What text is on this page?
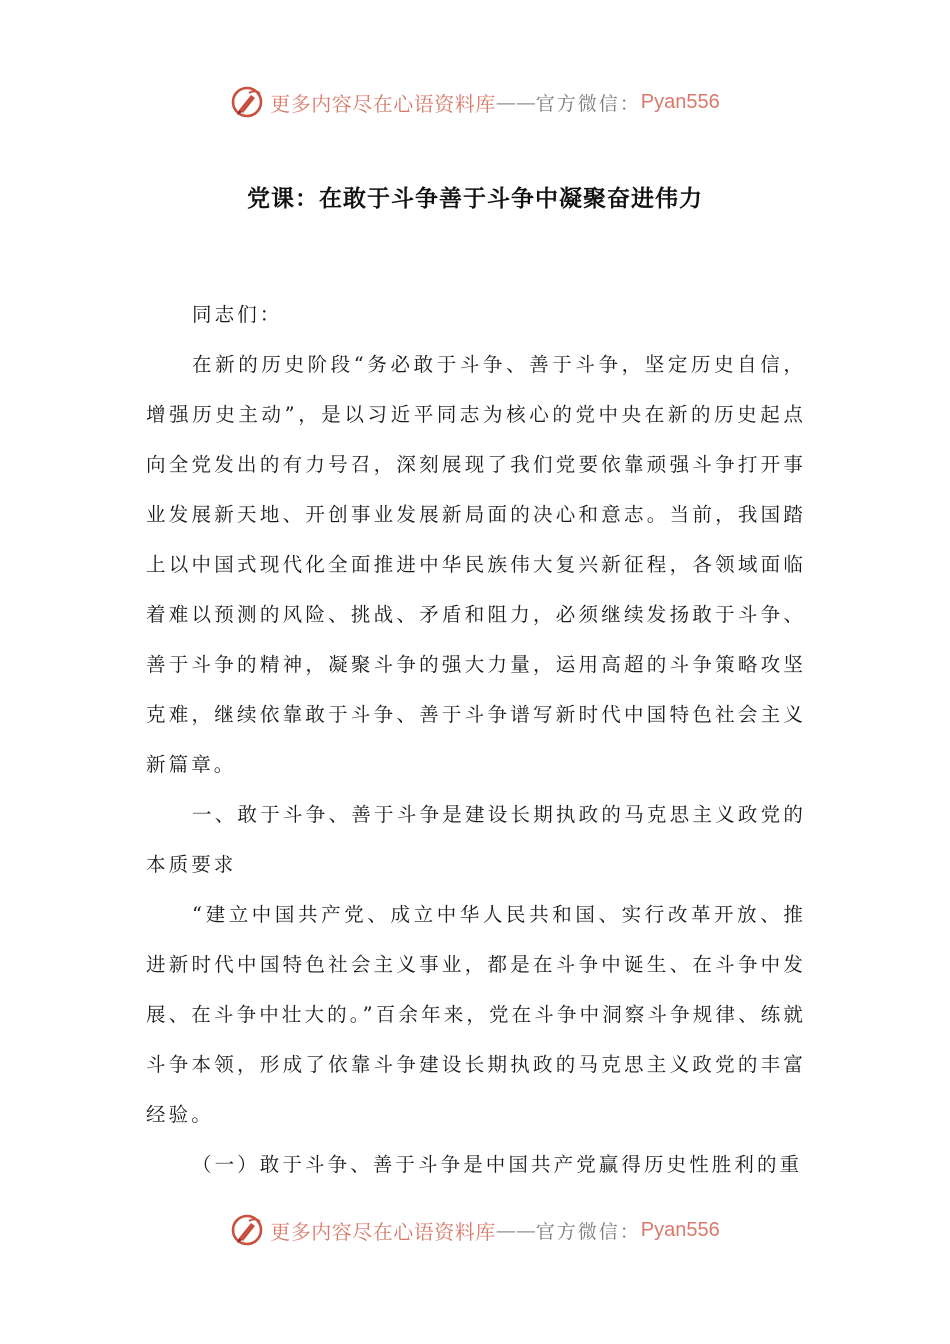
更多内容尽在心语资料库 —— 官方微信： Pyan556
党课：在敢于斗争善于斗争中凝聚奋进伟力

同志们：

在新的历史阶段“务必敢于斗争、善于斗争，坚定历史自信，增强历史主动”，是以习近平同志为核心的党中央在新的历史起点向全党发出的有力号召，深刻展现了我们党要依靠顽强斗争打开事业发展新天地、开创事业发展新局面的决心和意志。当前，我国踏上以中国式现代化全面推进中华民族伟大复兴新征程，各领域面临着难以预测的风险、挑战、矛盾和阻力，必须继续发扬敢于斗争、善于斗争的精神，凝聚斗争的强大力量，运用高超的斗争策略攻坚克难，继续依靠敢于斗争、善于斗争谱写新时代中国特色社会主义新篇章。

一、敢于斗争、善于斗争是建设长期执政的马克思主义政党的本质要求

“建立中国共产党、成立中华人民共和国、实行改革开放、推进新时代中国特色社会主义事业，都是在斗争中诞生、在斗争中发展、在斗争中壮大的。”百余年来，党在斗争中洞察斗争规律、练就斗争本领，形成了依靠斗争建设长期执政的马克思主义政党的丰富经验。

（一）敢于斗争、善于斗争是中国共产党赢得历史性胜利的重

更多内容尽在心语资料库 —— 官方微信： Pyan556
